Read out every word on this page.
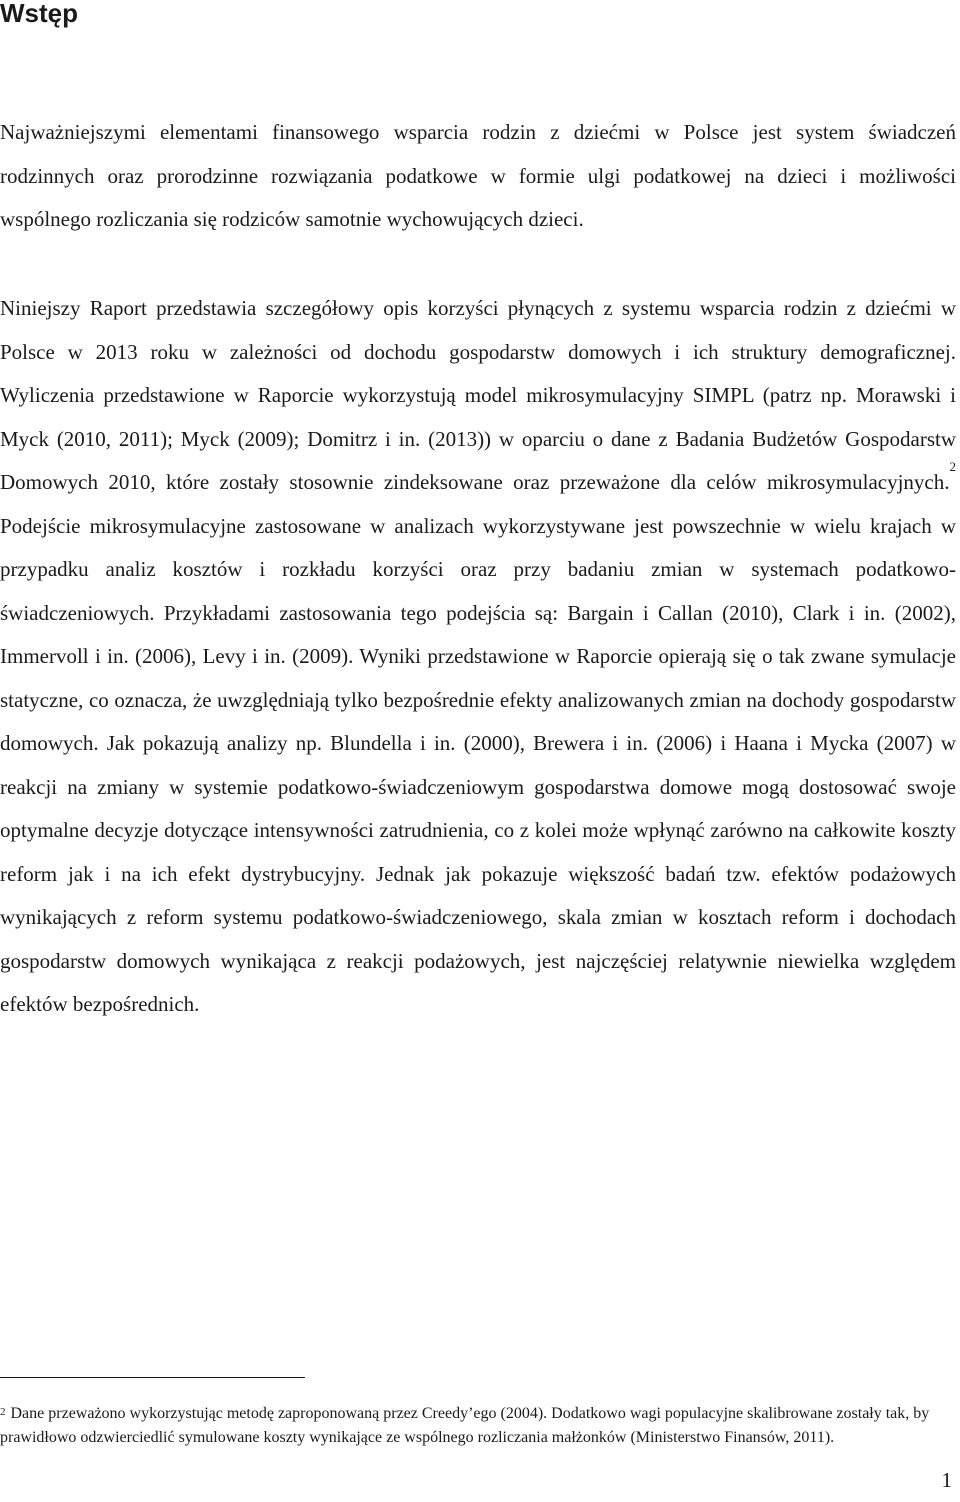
Wstęp

Najważniejszymi elementami finansowego wsparcia rodzin z dziećmi w Polsce jest system świadczeń rodzinnych oraz prorodzinne rozwiązania podatkowe w formie ulgi podatkowej na dzieci i możliwości wspólnego rozliczania się rodziców samotnie wychowujących dzieci.

Niniejszy Raport przedstawia szczegółowy opis korzyści płynących z systemu wsparcia rodzin z dziećmi w Polsce w 2013 roku w zależności od dochodu gospodarstw domowych i ich struktury demograficznej. Wyliczenia przedstawione w Raporcie wykorzystują model mikrosymulacyjny SIMPL (patrz np. Morawski i Myck (2010, 2011); Myck (2009); Domitrz i in. (2013)) w oparciu o dane z Badania Budżetów Gospodarstw Domowych 2010, które zostały stosownie zindeksowane oraz przeważone dla celów mikrosymulacyjnych.$^2$ Podejście mikrosymulacyjne zastosowane w analizach wykorzystywane jest powszechnie w wielu krajach w przypadku analiz kosztów i rozkładu korzyści oraz przy badaniu zmian w systemach podatkowo-świadczeniowych. Przykładami zastosowania tego podejścia są: Bargain i Callan (2010), Clark i in. (2002), Immervoll i in. (2006), Levy i in. (2009). Wyniki przedstawione w Raporcie opierają się o tak zwane symulacje statyczne, co oznacza, że uwzględniają tylko bezpośrednie efekty analizowanych zmian na dochody gospodarstw domowych. Jak pokazują analizy np. Blundella i in. (2000), Brewera i in. (2006) i Haana i Mycka (2007) w reakcji na zmiany w systemie podatkowo-świadczeniowym gospodarstwa domowe mogą dostosować swoje optymalne decyzje dotyczące intensywności zatrudnienia, co z kolei może wpłynąć zarówno na całkowite koszty reform jak i na ich efekt dystrybucyjny. Jednak jak pokazuje większość badań tzw. efektów podażowych wynikających z reform systemu podatkowo-świadczeniowego, skala zmian w kosztach reform i dochodach gospodarstw domowych wynikająca z reakcji podażowych, jest najczęściej relatywnie niewielka względem efektów bezpośrednich.

$^2$ Dane przeważono wykorzystując metodę zaproponowaną przez Creedy’ego (2004). Dodatkowo wagi populacyjne skalibrowane zostały tak, by prawidłowo odzwierciedlić symulowane koszty wynikające ze wspólnego rozliczania małżonków (Ministerstwo Finansów, 2011).

1
